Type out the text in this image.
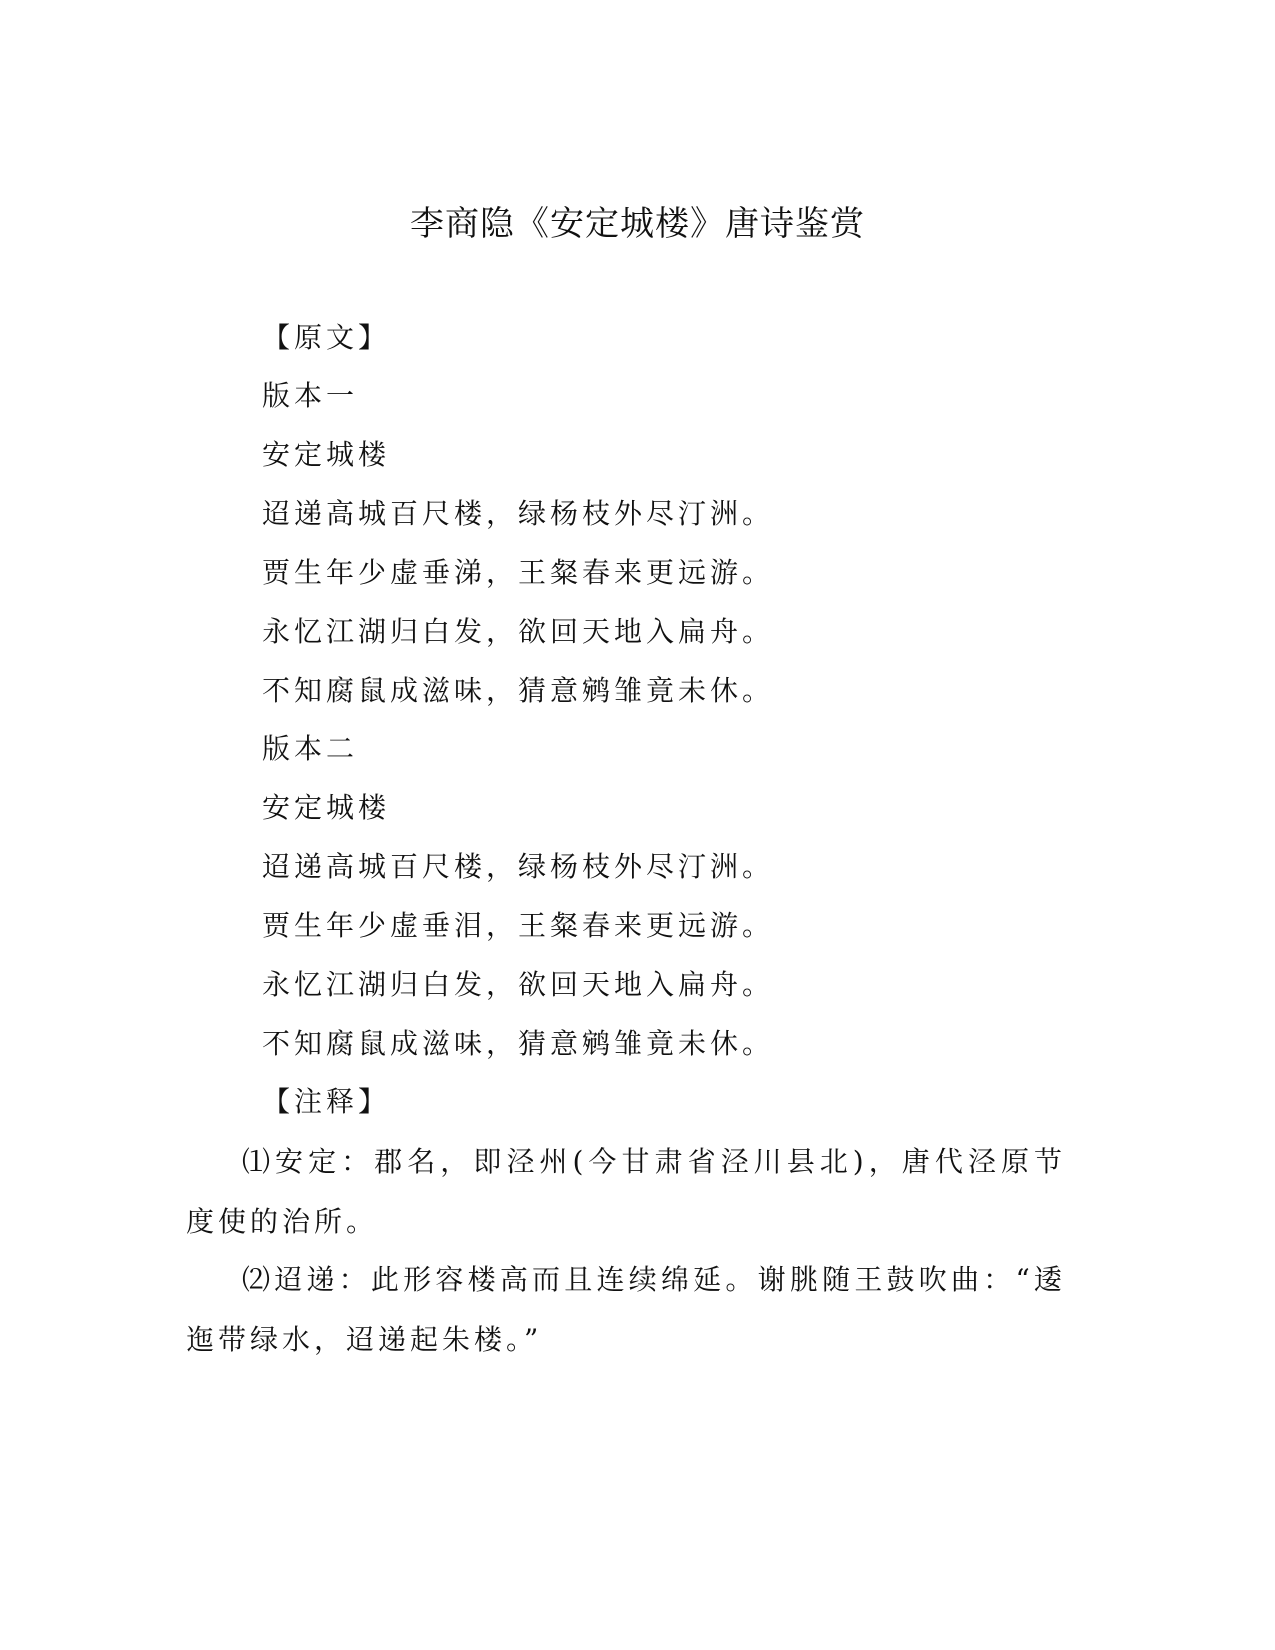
李商隐《安定城楼》唐诗鉴赏
【原文】
版本一
安定城楼
迢递高城百尺楼，绿杨枝外尽汀洲。
贾生年少虚垂涕，王粲春来更远游。
永忆江湖归白发，欲回天地入扁舟。
不知腐鼠成滋味，猜意鹓雏竟未休。
版本二
安定城楼
迢递高城百尺楼，绿杨枝外尽汀洲。
贾生年少虚垂泪，王粲春来更远游。
永忆江湖归白发，欲回天地入扁舟。
不知腐鼠成滋味，猜意鹓雏竟未休。
【注释】
⑴安定：郡名，即泾州(今甘肃省泾川县北)，唐代泾原节度使的治所。
⑵迢递：此形容楼高而且连续绵延。谢朓随王鼓吹曲：“逶迤带绿水，迢递起朱楼。”
